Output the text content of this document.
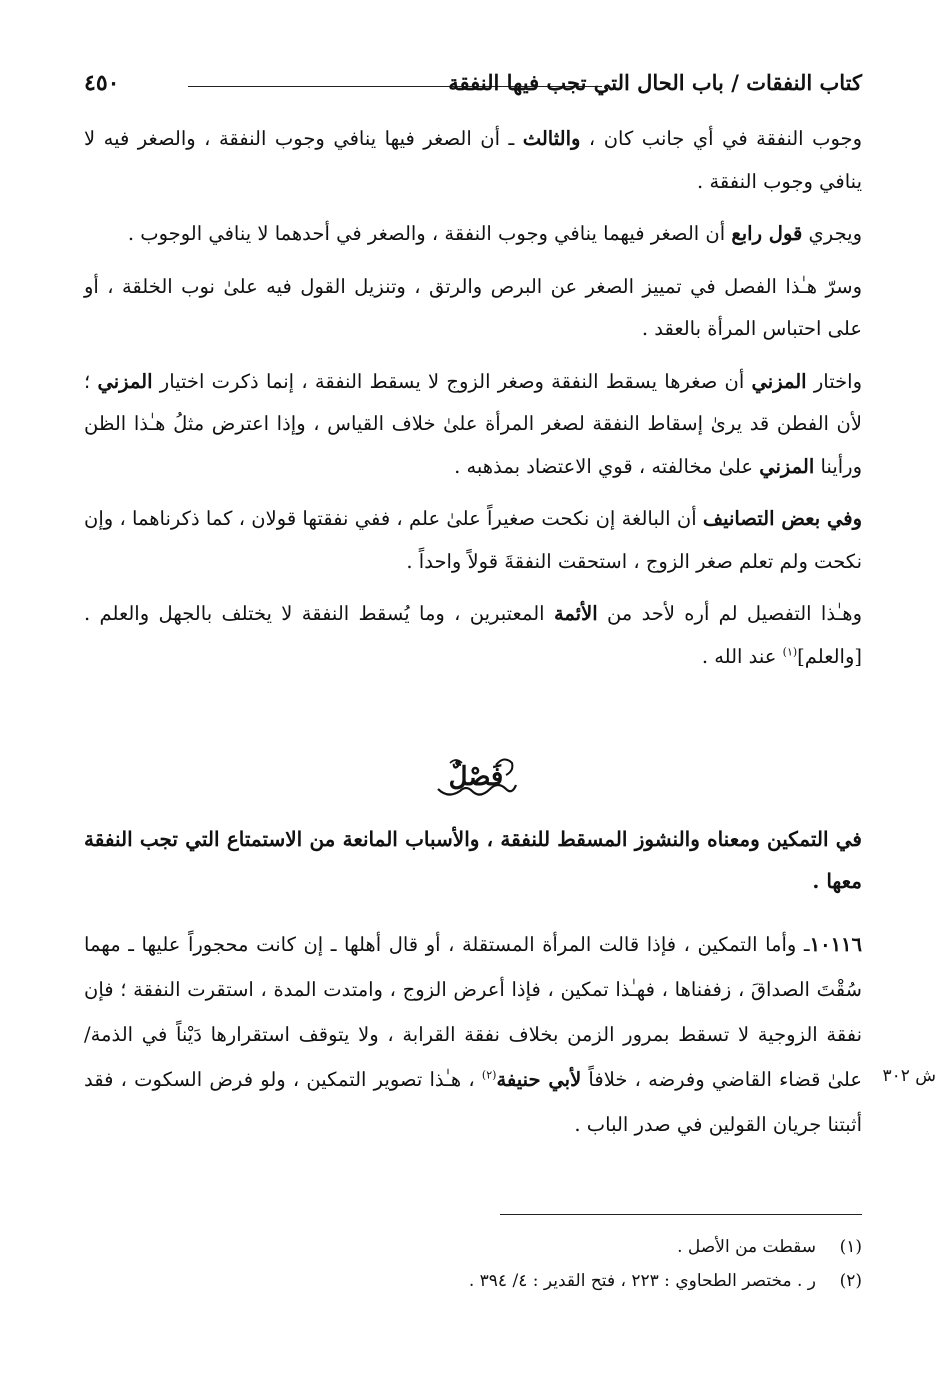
٤٥٠	كتاب النفقات / باب الحال التي تجب فيها النفقة

وجوب النفقة في أي جانب كان ، والثالث ـ أن الصغر فيها ينافي وجوب النفقة ، والصغر فيه لا ينافي وجوب النفقة .

ويجري قول رابع أن الصغر فيهما ينافي وجوب النفقة ، والصغر في أحدهما لا ينافي الوجوب .

وسرّ هـٰذا الفصل في تمييز الصغر عن البرص والرتق ، وتنزيل القول فيه علىٰ نوب الخلقة ، أو على احتباس المرأة بالعقد .

واختار المزني أن صغرها يسقط النفقة وصغر الزوج لا يسقط النفقة ، إنما ذكرت اختيار المزني ؛ لأن الفطن قد يرىٰ إسقاط النفقة لصغر المرأة علىٰ خلاف القياس ، وإذا اعترض مثلُ هـٰذا الظن ورأينا المزني علىٰ مخالفته ، قوي الاعتضاد بمذهبه .

وفي بعض التصانيف أن البالغة إن نكحت صغيراً علىٰ علم ، ففي نفقتها قولان ، كما ذكرناهما ، وإن نكحت ولم تعلم صغر الزوج ، استحقت النفقةَ قولاً واحداً .

وهـٰذا التفصيل لم أره لأحد من الأئمة المعتبرين ، وما يُسقط النفقة لا يختلف بالجهل والعلم . [والعلم]$^{(١)}$ عند الله .

فَصْلٌ
في التمكين ومعناه والنشوز المسقط للنفقة ، والأسباب المانعة من الاستمتاع التي تجب النفقة معها .

١٠١١٦ـ وأما التمكين ، فإذا قالت المرأة المستقلة ، أو قال أهلها ـ إن كانت محجوراً عليها ـ مهما سُقْتَ الصداقَ ، زففناها ، فهـٰذا تمكين ، فإذا أعرض الزوج ، وامتدت المدة ، استقرت النفقة ؛ فإن نفقة الزوجية لا تسقط بمرور الزمن بخلاف نفقة القرابة ، ولا يتوقف استقرارها دَيْناً في الذمة/ علىٰ قضاء القاضي وفرضه ، خلافاً لأبي حنيفة$^{(٢)}$ ، هـٰذا تصوير التمكين ، ولو فرض السكوت ، فقد أثبتنا جريان القولين في صدر الباب .

ش ٣٠٢
(١)سقطت من الأصل .
(٢)ر . مختصر الطحاوي : ٢٢٣ ، فتح القدير : ٤/ ٣٩٤ .
